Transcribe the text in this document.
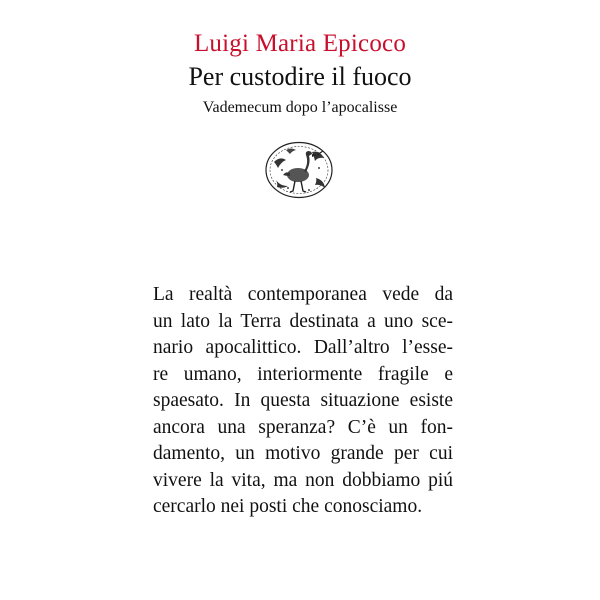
Luigi Maria Epicoco
Per custodire il fuoco
Vademecum dopo l’apocalisse
La realtà contemporanea vede da
un lato la Terra destinata a uno sce-
nario apocalittico. Dall’altro l’esse-
re umano, interiormente fragile e
spaesato. In questa situazione esiste
ancora una speranza? C’è un fon-
damento, un motivo grande per cui
vivere la vita, ma non dobbiamo piú
cercarlo nei posti che conosciamo.
